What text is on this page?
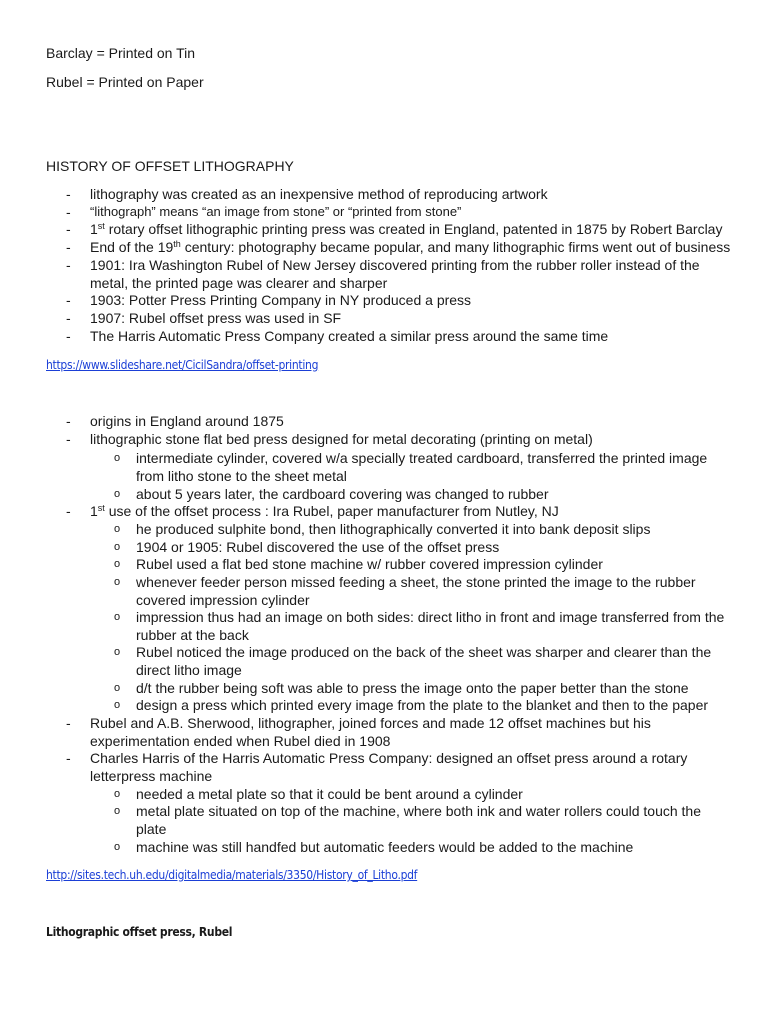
Barclay = Printed on Tin
Rubel = Printed on Paper
HISTORY OF OFFSET LITHOGRAPHY
- lithography was created as an inexpensive method of reproducing artwork
- “lithograph” means “an image from stone” or “printed from stone”
- 1st rotary offset lithographic printing press was created in England, patented in 1875 by Robert Barclay
- End of the 19th century: photography became popular, and many lithographic firms went out of business
- 1901: Ira Washington Rubel of New Jersey discovered printing from the rubber roller instead of the
metal, the printed page was clearer and sharper
- 1903: Potter Press Printing Company in NY produced a press
- 1907: Rubel offset press was used in SF
- The Harris Automatic Press Company created a similar press around the same time
https://www.slideshare.net/CicilSandra/offset-printing
- origins in England around 1875
- lithographic stone flat bed press designed for metal decorating (printing on metal)
o intermediate cylinder, covered w/a specially treated cardboard, transferred the printed image
from litho stone to the sheet metal
o about 5 years later, the cardboard covering was changed to rubber
- 1st use of the offset process : Ira Rubel, paper manufacturer from Nutley, NJ
o he produced sulphite bond, then lithographically converted it into bank deposit slips
o 1904 or 1905: Rubel discovered the use of the offset press
o Rubel used a flat bed stone machine w/ rubber covered impression cylinder
o whenever feeder person missed feeding a sheet, the stone printed the image to the rubber
covered impression cylinder
o impression thus had an image on both sides: direct litho in front and image transferred from the
rubber at the back
o Rubel noticed the image produced on the back of the sheet was sharper and clearer than the
direct litho image
o d/t the rubber being soft was able to press the image onto the paper better than the stone
o design a press which printed every image from the plate to the blanket and then to the paper
- Rubel and A.B. Sherwood, lithographer, joined forces and made 12 offset machines but his
experimentation ended when Rubel died in 1908
- Charles Harris of the Harris Automatic Press Company: designed an offset press around a rotary
letterpress machine
o needed a metal plate so that it could be bent around a cylinder
o metal plate situated on top of the machine, where both ink and water rollers could touch the
plate
o machine was still handfed but automatic feeders would be added to the machine
http://sites.tech.uh.edu/digitalmedia/materials/3350/History_of_Litho.pdf
Lithographic offset press, Rubel
